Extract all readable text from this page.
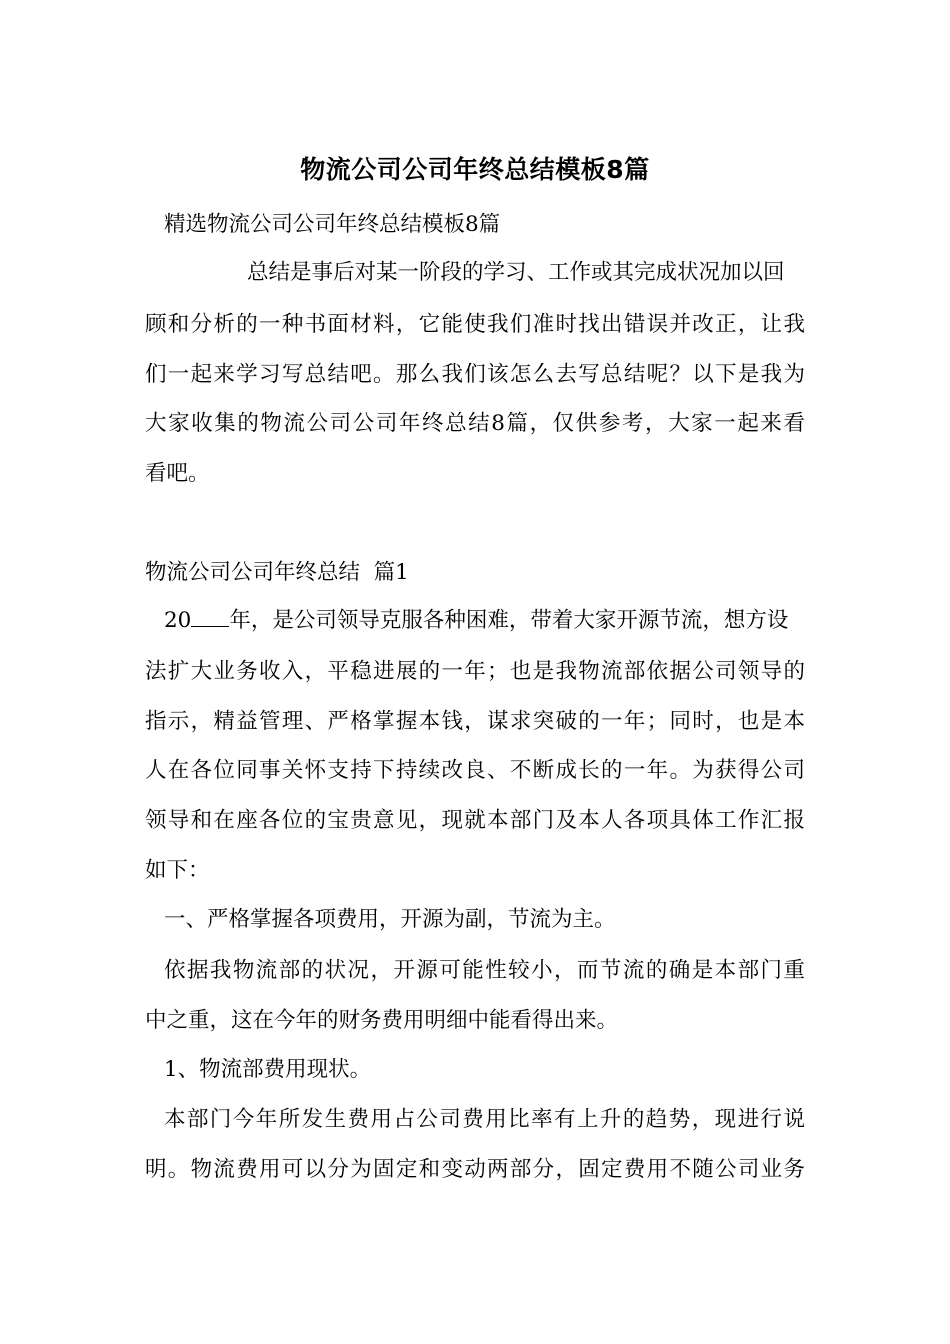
物流公司公司年终总结模板8篇
精选物流公司公司年终总结模板8篇
总结是事后对某一阶段的学习、工作或其完成状况加以回
顾和分析的一种书面材料，它能使我们准时找出错误并改正，让我
们一起来学习写总结吧。那么我们该怎么去写总结呢？以下是我为
大家收集的物流公司公司年终总结8篇，仅供参考，大家一起来看
看吧。
物流公司公司年终总结  篇1
20 年，是公司领导克服各种困难，带着大家开源节流，想方设
法扩大业务收入，平稳进展的一年；也是我物流部依据公司领导的
指示，精益管理、严格掌握本钱，谋求突破的一年；同时，也是本
人在各位同事关怀支持下持续改良、不断成长的一年。为获得公司
领导和在座各位的宝贵意见，现就本部门及本人各项具体工作汇报
如下：
一、严格掌握各项费用，开源为副，节流为主。
依据我物流部的状况，开源可能性较小，而节流的确是本部门重
中之重，这在今年的财务费用明细中能看得出来。
1、物流部费用现状。
本部门今年所发生费用占公司费用比率有上升的趋势，现进行说
明。物流费用可以分为固定和变动两部分，固定费用不随公司业务
